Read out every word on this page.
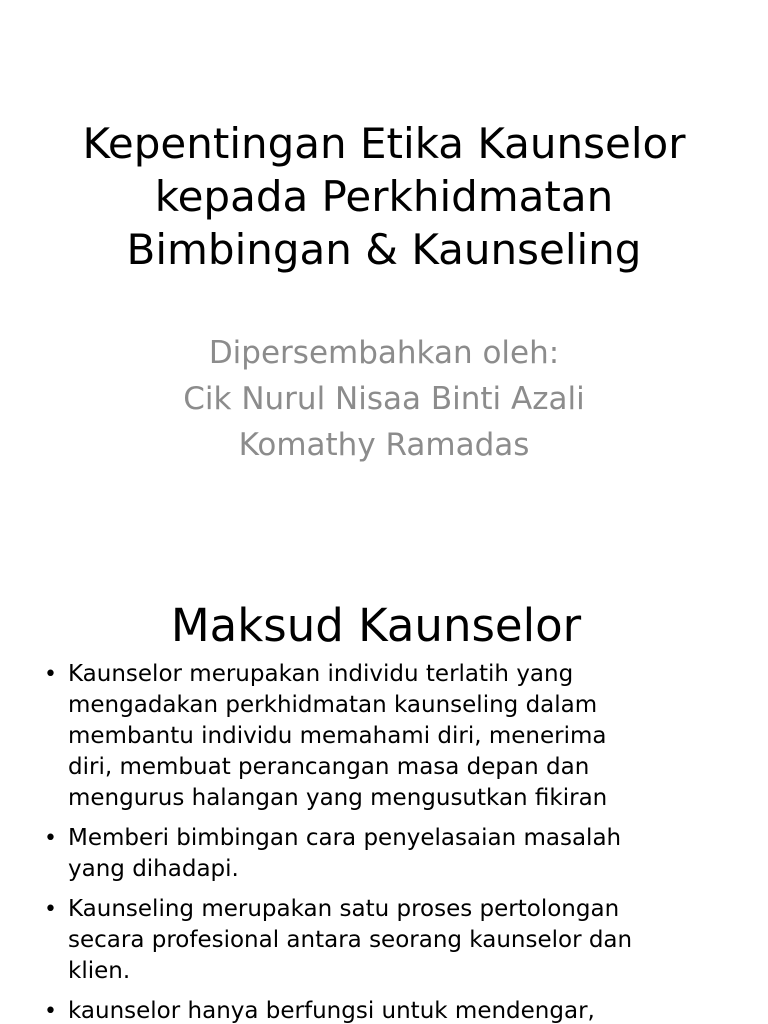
Kepentingan Etika Kaunselor
kepada Perkhidmatan
Bimbingan & Kaunseling
Dipersembahkan oleh:
Cik Nurul Nisaa Binti Azali
Komathy Ramadas
Maksud Kaunselor
• Kaunselor merupakan individu terlatih yang
mengadakan perkhidmatan kaunseling dalam
membantu individu memahami diri, menerima
diri, membuat perancangan masa depan dan
mengurus halangan yang mengusutkan fikiran
• Memberi bimbingan cara penyelasaian masalah
yang dihadapi.
• Kaunseling merupakan satu proses pertolongan
secara profesional antara seorang kaunselor dan
klien.
• kaunselor hanya berfungsi untuk mendengar,
